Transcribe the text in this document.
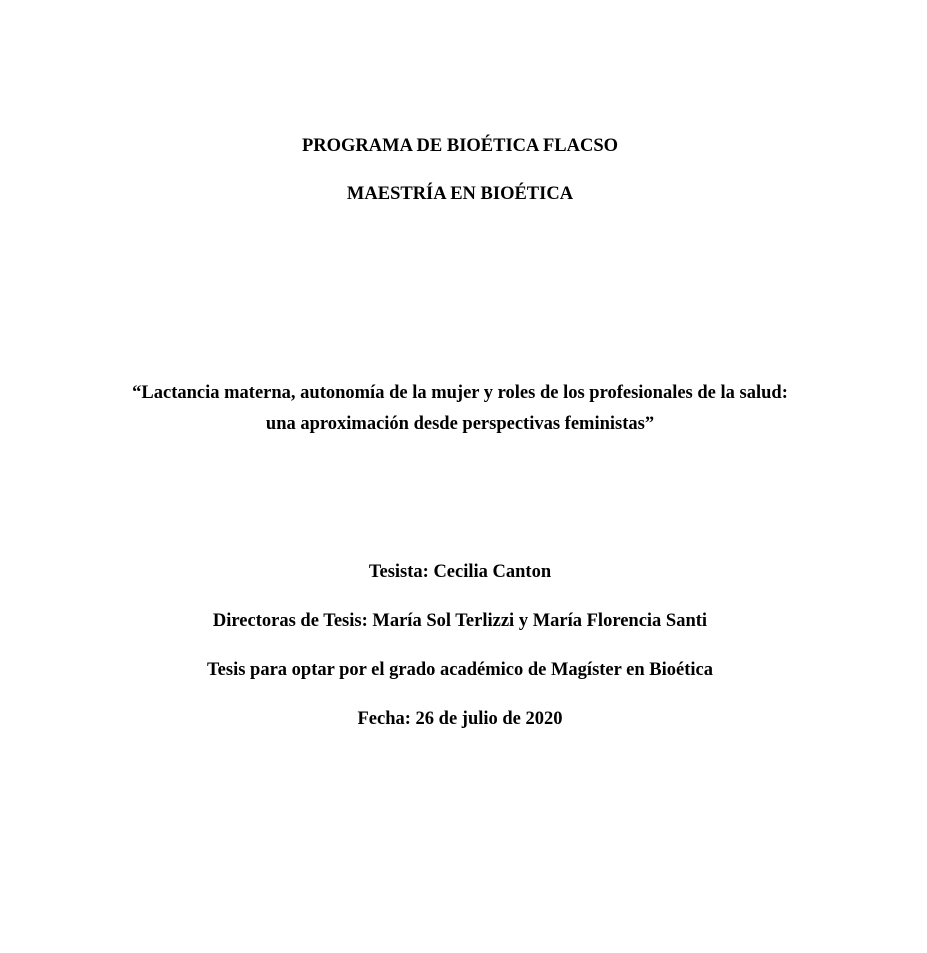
PROGRAMA DE BIOÉTICA FLACSO
MAESTRÍA EN BIOÉTICA
“Lactancia materna, autonomía de la mujer y roles de los profesionales de la salud:
una aproximación desde perspectivas feministas”
Tesista: Cecilia Canton
Directoras de Tesis: María Sol Terlizzi y María Florencia Santi
Tesis para optar por el grado académico de Magíster en Bioética
Fecha: 26 de julio de 2020
